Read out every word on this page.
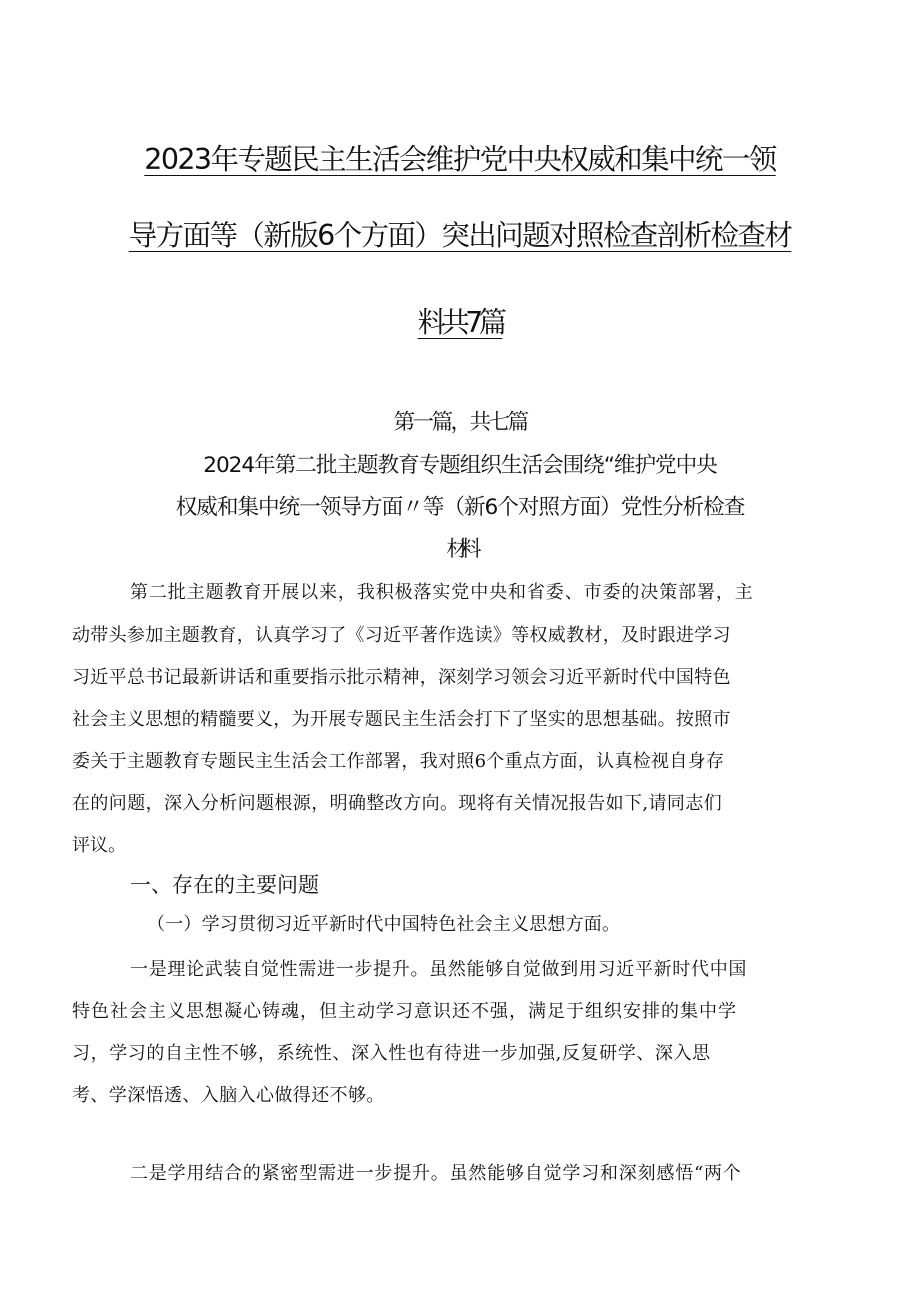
2023年专题民主生活会维护党中央权威和集中统一领
导方面等（新版6个方面）突出问题对照检查剖析检查材
料共7篇
第一篇，共七篇
2024年第二批主题教育专题组织生活会围绕“维护党中央
权威和集中统一领导方面〃等（新6个对照方面）党性分析检查
材料
第二批主题教育开展以来，我积极落实党中央和省委、市委的决策部署，主
动带头参加主题教育，认真学习了《习近平著作选读》等权威教材，及时跟进学习
习近平总书记最新讲话和重要指示批示精神，深刻学习领会习近平新时代中国特色
社会主义思想的精髓要义，为开展专题民主生活会打下了坚实的思想基础。按照市
委关于主题教育专题民主生活会工作部署，我对照6个重点方面，认真检视自身存
在的问题，深入分析问题根源，明确整改方向。现将有关情况报告如下,请同志们
评议。
一、存在的主要问题
（一）学习贯彻习近平新时代中国特色社会主义思想方面。
一是理论武装自觉性需进一步提升。虽然能够自觉做到用习近平新时代中国
特色社会主义思想凝心铸魂，但主动学习意识还不强，满足于组织安排的集中学
习，学习的自主性不够，系统性、深入性也有待进一步加强,反复研学、深入思
考、学深悟透、入脑入心做得还不够。
二是学用结合的紧密型需进一步提升。虽然能够自觉学习和深刻感悟“两个
